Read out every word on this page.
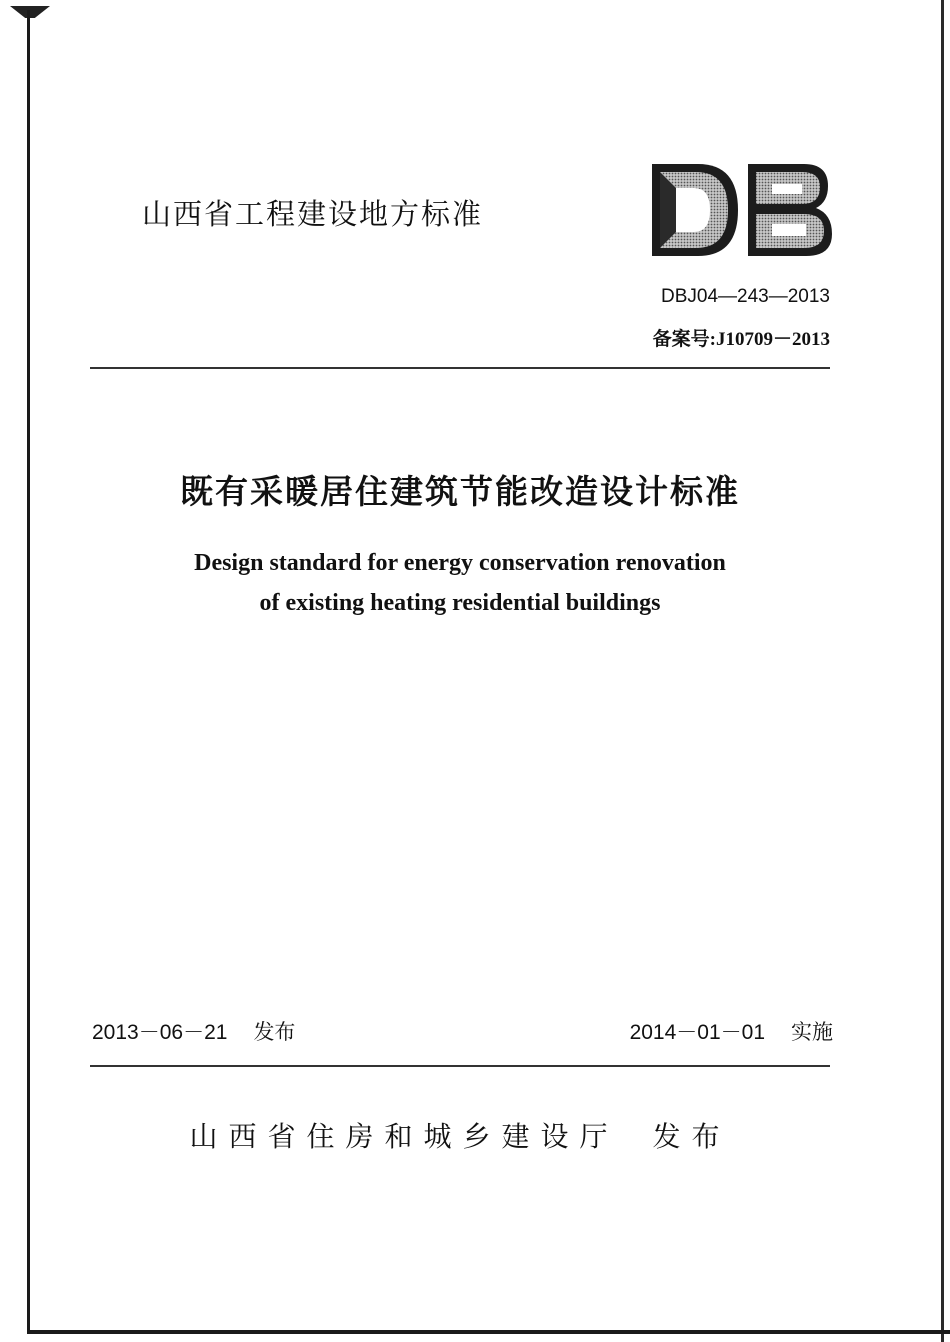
山西省工程建设地方标准
DB
DBJ04—243—2013
备案号:J10709－2013
既有采暖居住建筑节能改造设计标准
Design standard for energy conservation renovation
of existing heating residential buildings
2013－06－21 发布	2014－01－01 实施
山西省住房和城乡建设厅 发布
